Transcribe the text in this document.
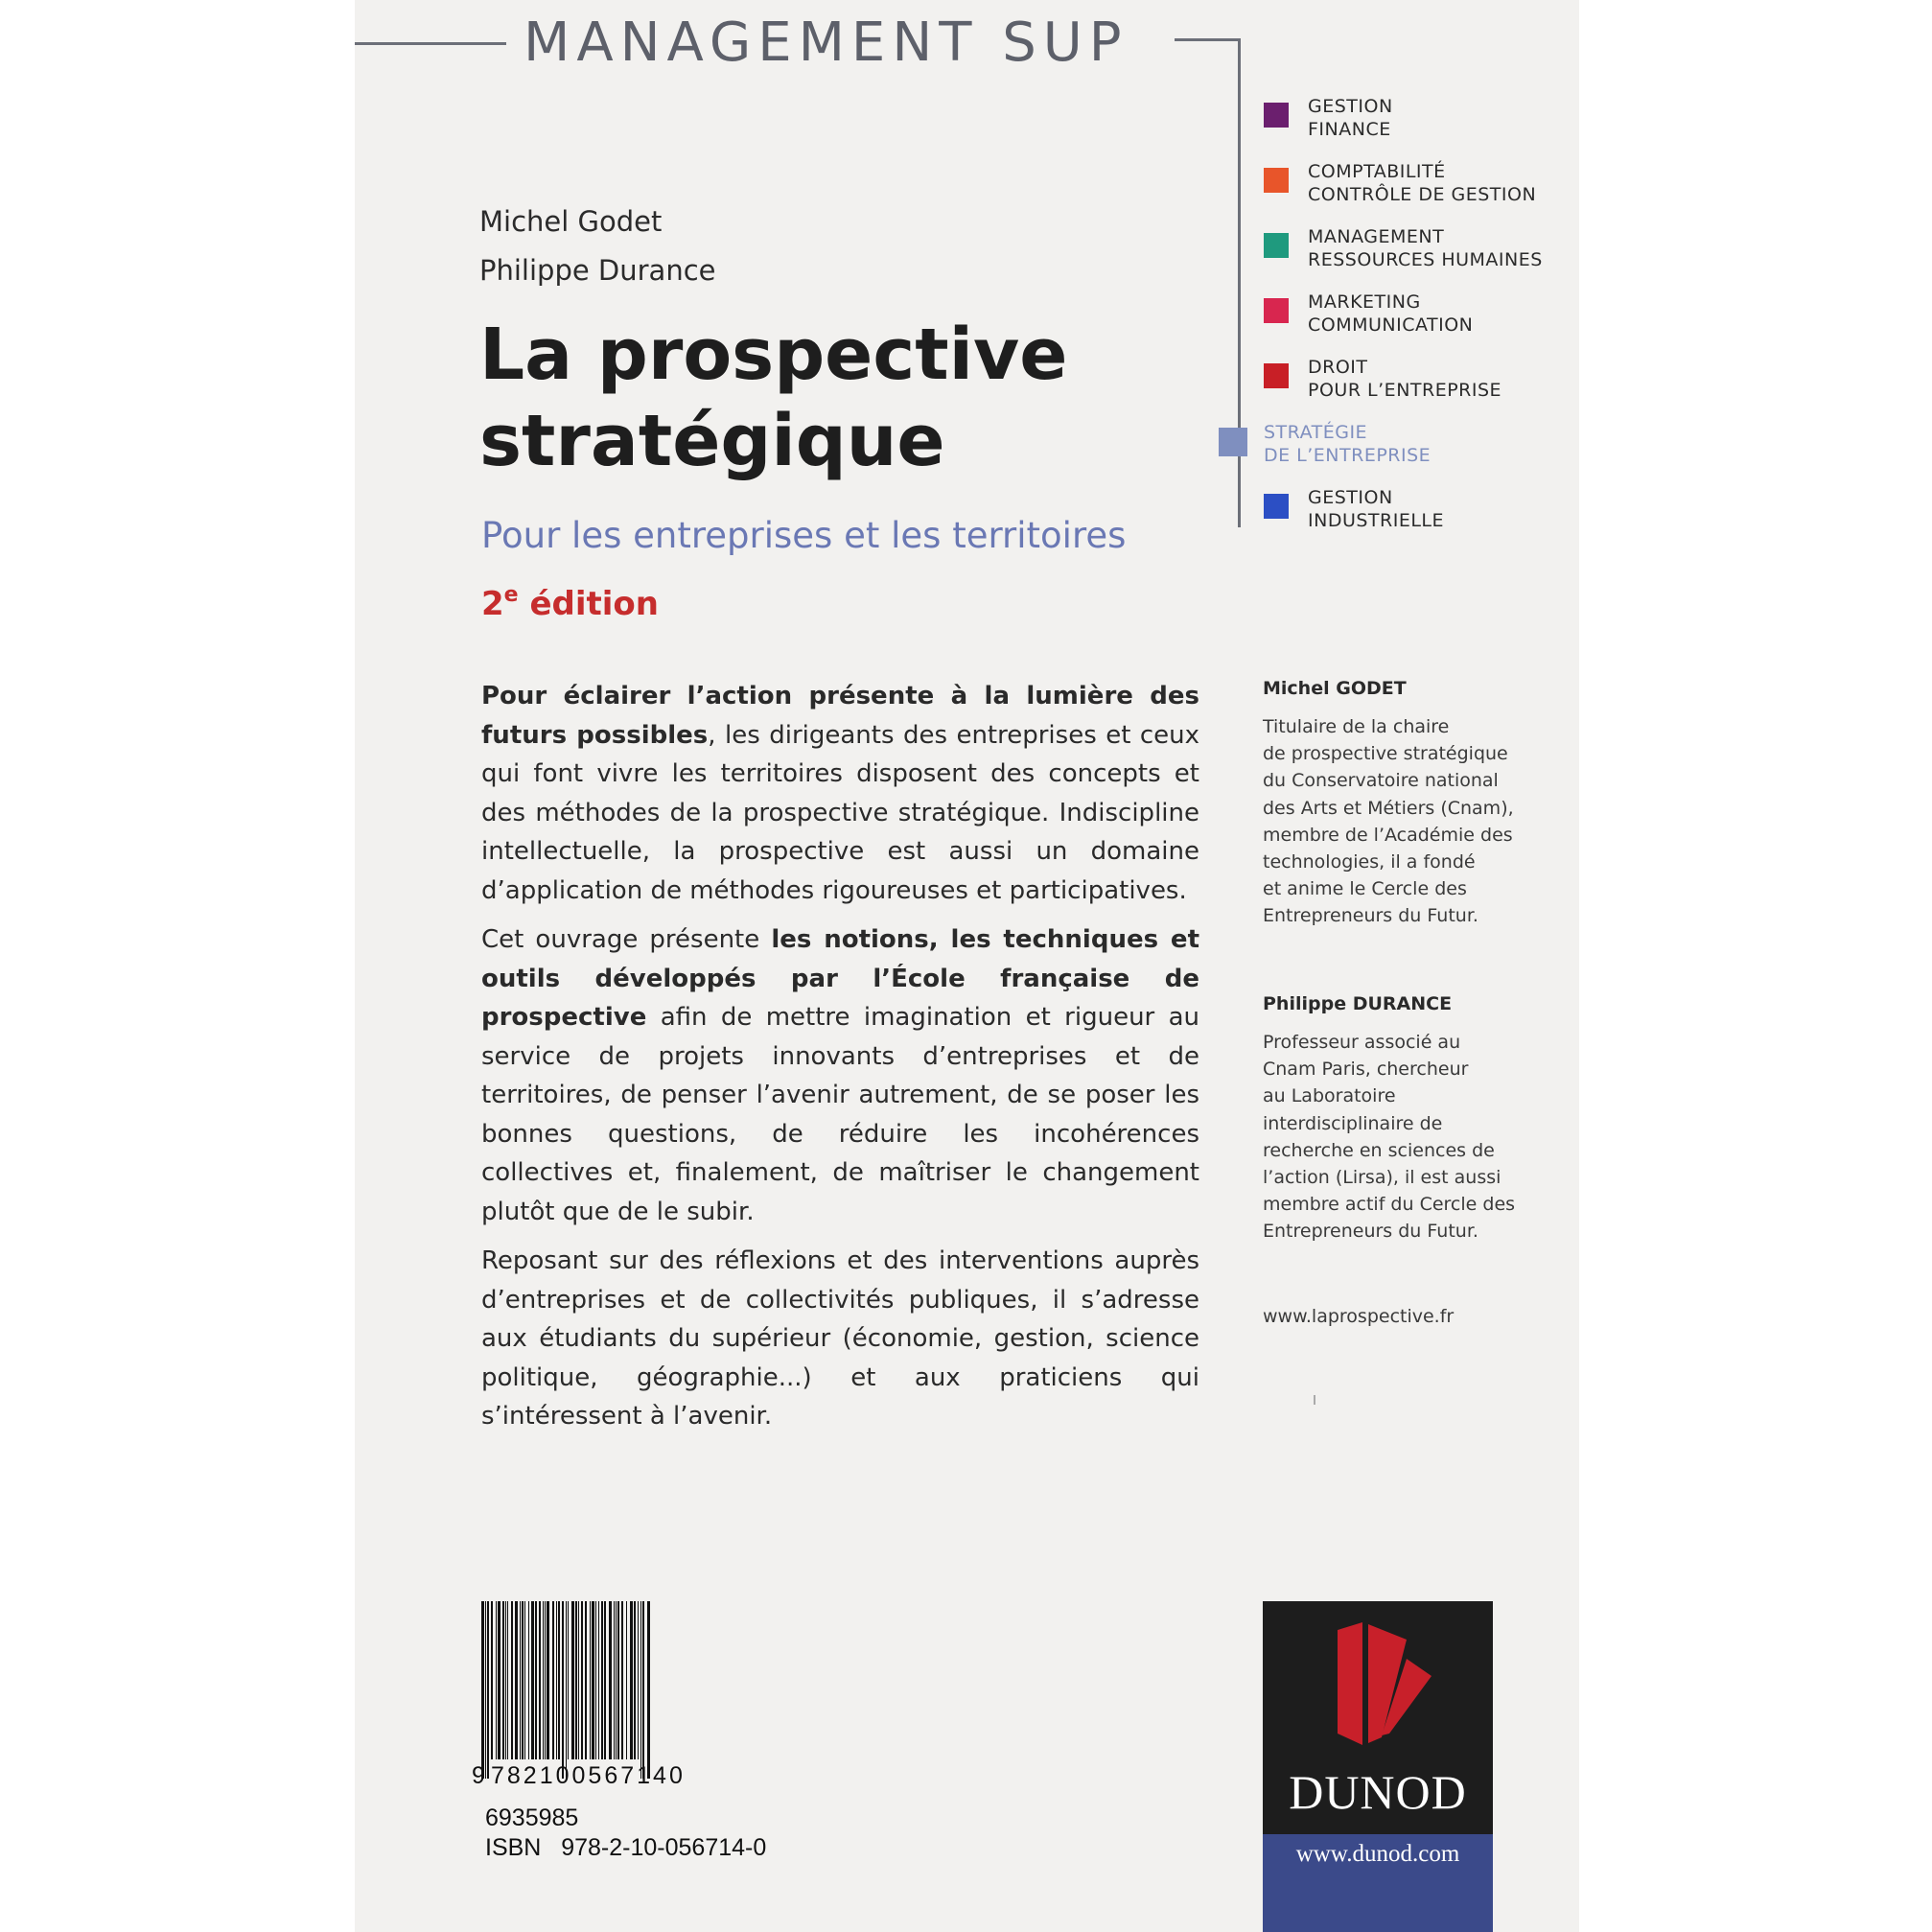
MANAGEMENT SUP
GESTION
FINANCE
COMPTABILITÉ
CONTRÔLE DE GESTION
MANAGEMENT
RESSOURCES HUMAINES
MARKETING
COMMUNICATION
DROIT
POUR L’ENTREPRISE
STRATÉGIE
DE L’ENTREPRISE
GESTION
INDUSTRIELLE
Michel Godet
Philippe Durance
La prospective
stratégique
Pour les entreprises et les territoires
2e édition
Pour éclairer l’action présente à la lumière des futurs possibles, les dirigeants des entreprises et ceux qui font vivre les territoires disposent des concepts et des méthodes de la prospective stratégique. Indiscipline intellectuelle, la prospective est aussi un domaine d’application de méthodes rigoureuses et participatives.
Cet ouvrage présente les notions, les techniques et outils développés par l’École française de prospective afin de mettre imagination et rigueur au service de projets innovants d’entreprises et de territoires, de penser l’avenir autrement, de se poser les bonnes questions, de réduire les incohérences collectives et, finalement, de maîtriser le changement plutôt que de le subir.
Reposant sur des réflexions et des interventions auprès d’entreprises et de collectivités publiques, il s’adresse aux étudiants du supérieur (économie, gestion, science politique, géographie...) et aux praticiens qui s’intéressent à l’avenir.
Michel GODET
Titulaire de la chaire
de prospective stratégique
du Conservatoire national
des Arts et Métiers (Cnam),
membre de l’Académie des
technologies, il a fondé
et anime le Cercle des
Entrepreneurs du Futur.
Philippe DURANCE
Professeur associé au
Cnam Paris, chercheur
au Laboratoire
interdisciplinaire de
recherche en sciences de
l’action (Lirsa), il est aussi
membre actif du Cercle des
Entrepreneurs du Futur.
www.laprospective.fr
9 782100567140
6935985
ISBN 978-2-10-056714-0
DUNOD
www.dunod.com
